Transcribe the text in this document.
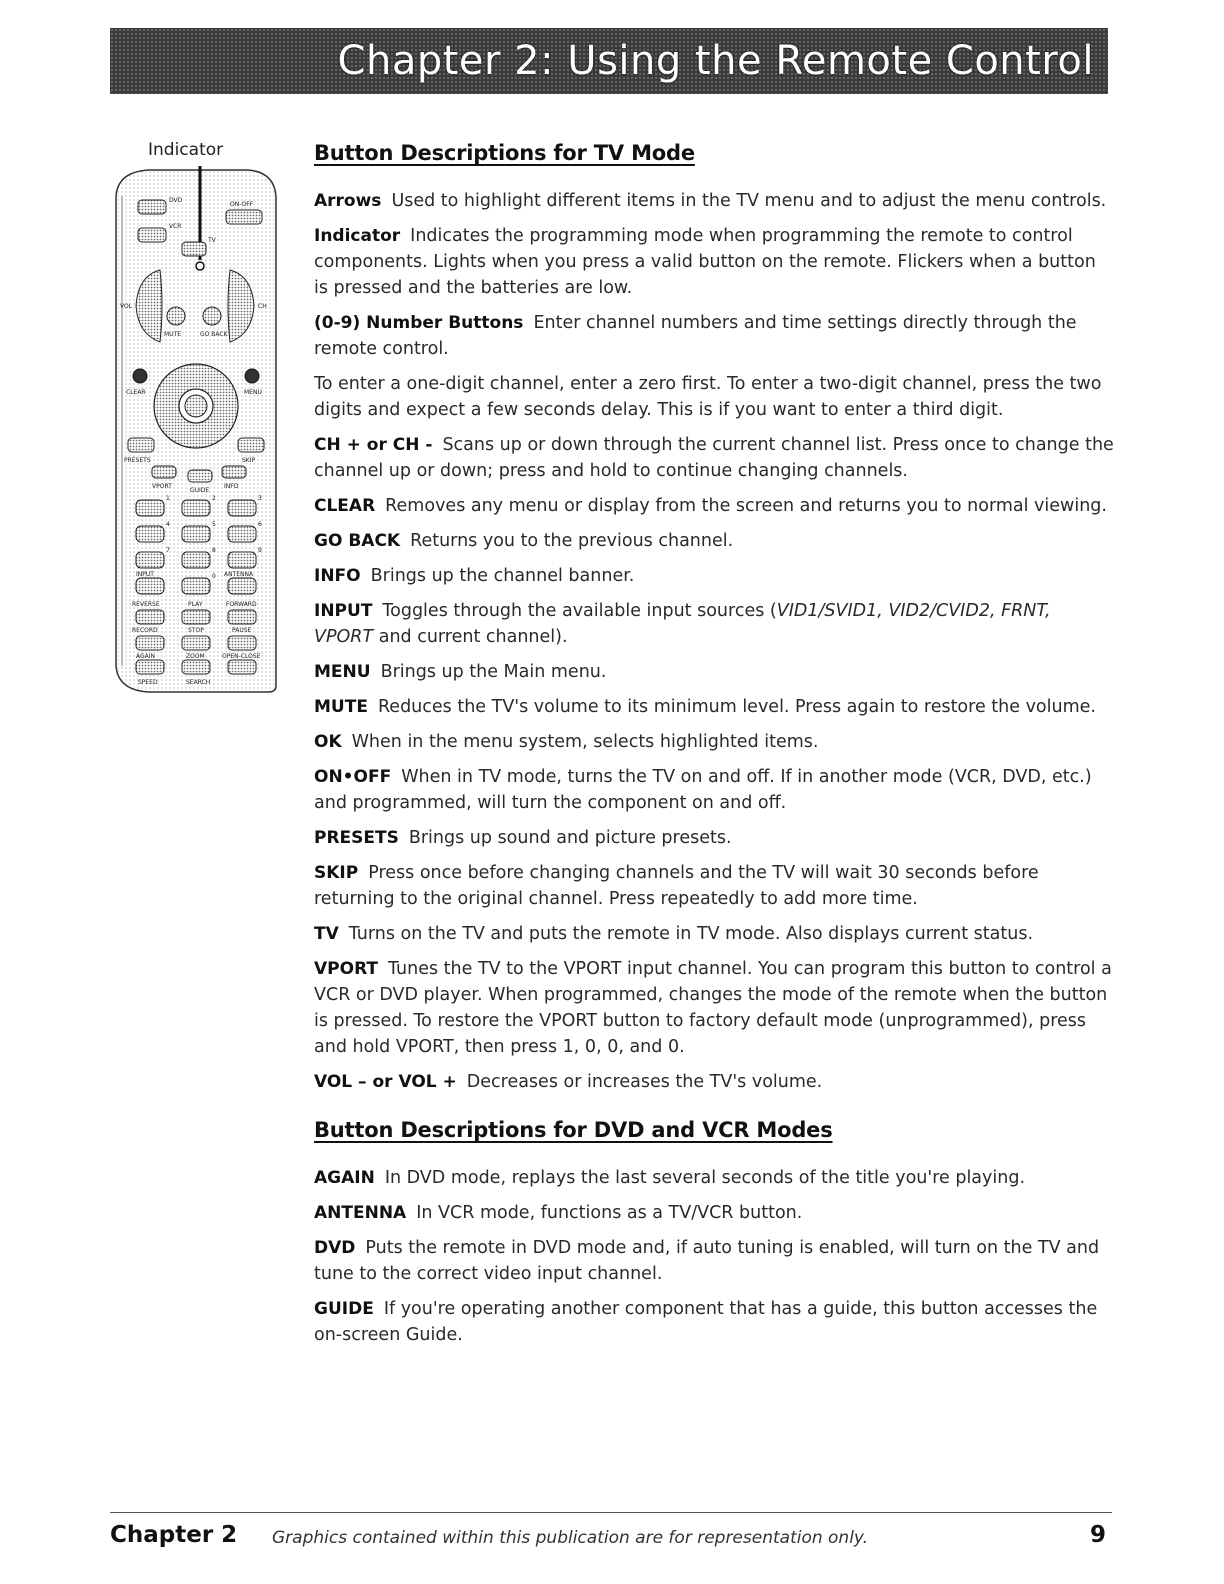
Chapter 2: Using the Remote Control
Indicator
DVD
VCR
TV
ON-OFF
VOL	CH
MUTE	GO BACK
CLEAR	MENU
PRESETS	SKIP
VPORT
GUIDE
INFO
1	2	3
4	5	6
7	8	9
0
INPUT	ANTENNA
REVERSE	PLAY	FORWARD
RECORD	STOP	PAUSE
AGAIN	ZOOM	OPEN-CLOSE
SPEED	SEARCH
Button Descriptions for TV Mode

Arrows Used to highlight different items in the TV menu and to adjust the menu controls.

Indicator Indicates the programming mode when programming the remote to control components. Lights when you press a valid button on the remote. Flickers when a button is pressed and the batteries are low.

(0-9) Number Buttons Enter channel numbers and time settings directly through the remote control.

To enter a one-digit channel, enter a zero first. To enter a two-digit channel, press the two digits and expect a few seconds delay. This is if you want to enter a third digit.

CH + or CH - Scans up or down through the current channel list. Press once to change the channel up or down; press and hold to continue changing channels.

CLEAR Removes any menu or display from the screen and returns you to normal viewing.

GO BACK Returns you to the previous channel.

INFO Brings up the channel banner.

INPUT Toggles through the available input sources (VID1/SVID1, VID2/CVID2, FRNT, VPORT and current channel).

MENU Brings up the Main menu.

MUTE Reduces the TV's volume to its minimum level. Press again to restore the volume.

OK When in the menu system, selects highlighted items.

ON•OFF When in TV mode, turns the TV on and off. If in another mode (VCR, DVD, etc.) and programmed, will turn the component on and off.

PRESETS Brings up sound and picture presets.

SKIP Press once before changing channels and the TV will wait 30 seconds before returning to the original channel. Press repeatedly to add more time.

TV Turns on the TV and puts the remote in TV mode. Also displays current status.

VPORT Tunes the TV to the VPORT input channel. You can program this button to control a VCR or DVD player. When programmed, changes the mode of the remote when the button is pressed. To restore the VPORT button to factory default mode (unprogrammed), press and hold VPORT, then press 1, 0, 0, and 0.

VOL – or VOL + Decreases or increases the TV's volume.

Button Descriptions for DVD and VCR Modes

AGAIN In DVD mode, replays the last several seconds of the title you're playing.

ANTENNA In VCR mode, functions as a TV/VCR button.

DVD Puts the remote in DVD mode and, if auto tuning is enabled, will turn on the TV and tune to the correct video input channel.

GUIDE If you're operating another component that has a guide, this button accesses the on-screen Guide.

Chapter 2 Graphics contained within this publication are for representation only.	9
